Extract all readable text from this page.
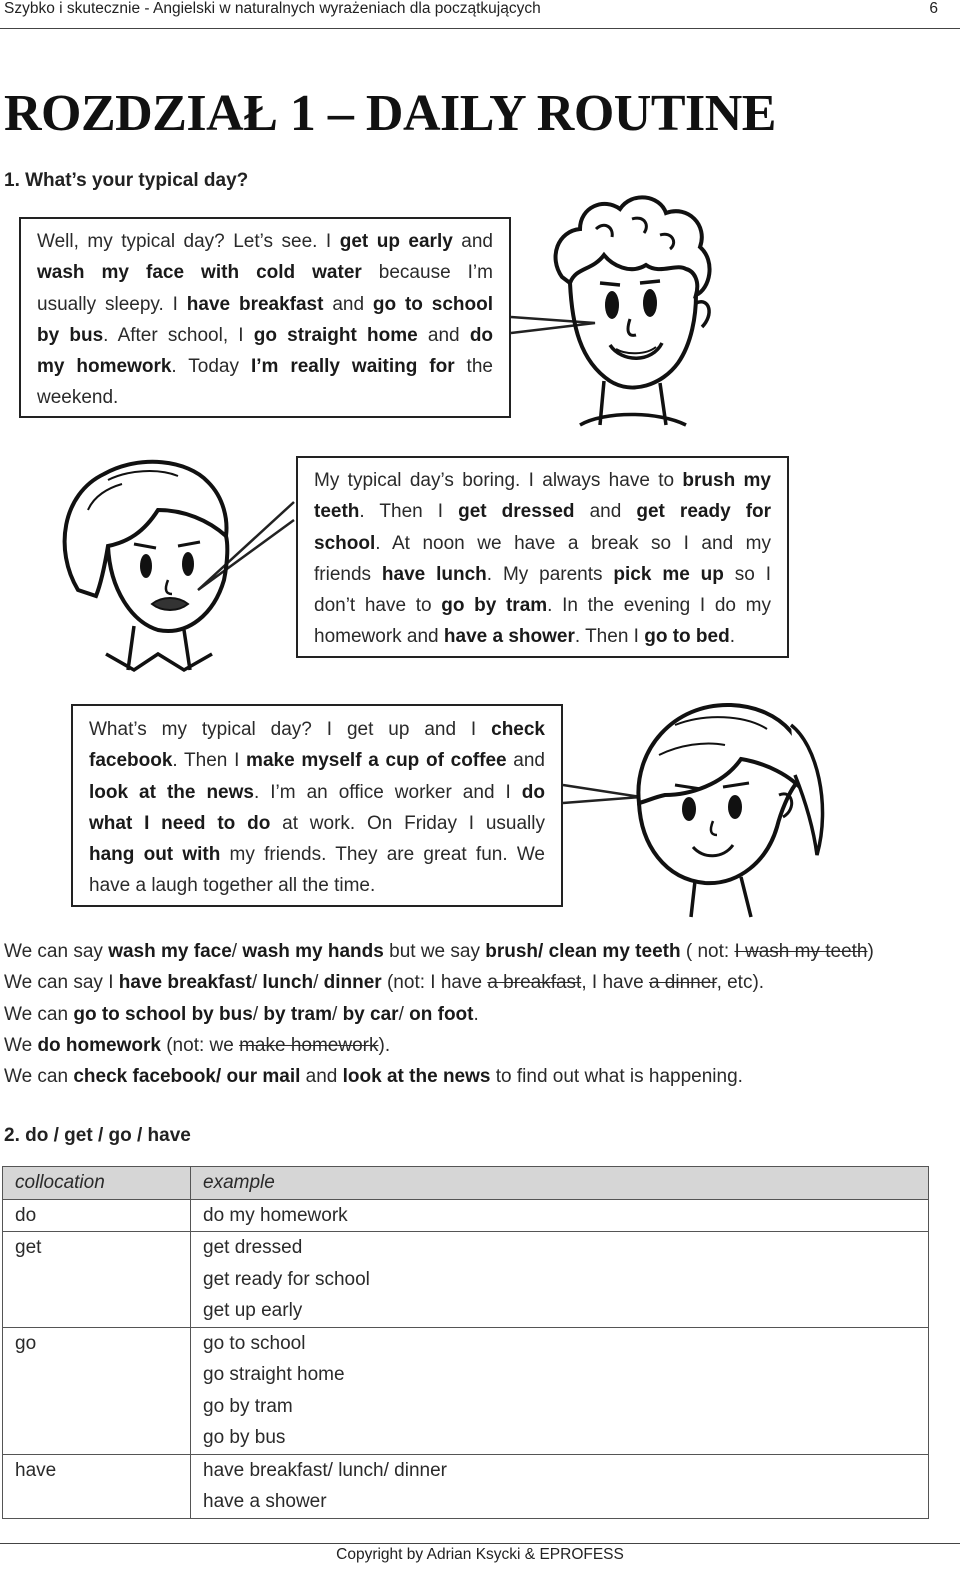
Szybko i skutecznie - Angielski w naturalnych wyrażeniach dla początkujących	6
ROZDZIAŁ 1 – DAILY ROUTINE
1. What’s your typical day?
Well, my typical day? Let’s see. I get up early and
wash my face with cold water because I’m
usually sleepy. I have breakfast and go to school
by bus. After school, I go straight home and do
my homework. Today I’m really waiting for the
weekend.
My typical day’s boring. I always have to brush my
teeth. Then I get dressed and get ready for
school. At noon we have a break so I and my
friends have lunch. My parents pick me up so I
don’t have to go by tram. In the evening I do my
homework and have a shower. Then I go to bed.
What’s my typical day? I get up and I check
facebook. Then I make myself a cup of coffee and
look at the news. I’m an office worker and I do
what I need to do at work. On Friday I usually
hang out with my friends. They are great fun. We
have a laugh together all the time.
We can say wash my face/ wash my hands but we say brush/ clean my teeth ( not: I wash my teeth)
We can say I have breakfast/ lunch/ dinner (not: I have a breakfast, I have a dinner, etc).
We can go to school by bus/ by tram/ by car/ on foot.
We do homework (not: we make homework).
We can check facebook/ our mail and look at the news to find out what is happening.
2. do / get / go / have
collocation	example
do	do my homework

get	get dressed
get ready for school
get up early

go	go to school
go straight home
go by tram
go by bus

have	have breakfast/ lunch/ dinner
have a shower
Copyright by Adrian Ksycki & EPROFESS
